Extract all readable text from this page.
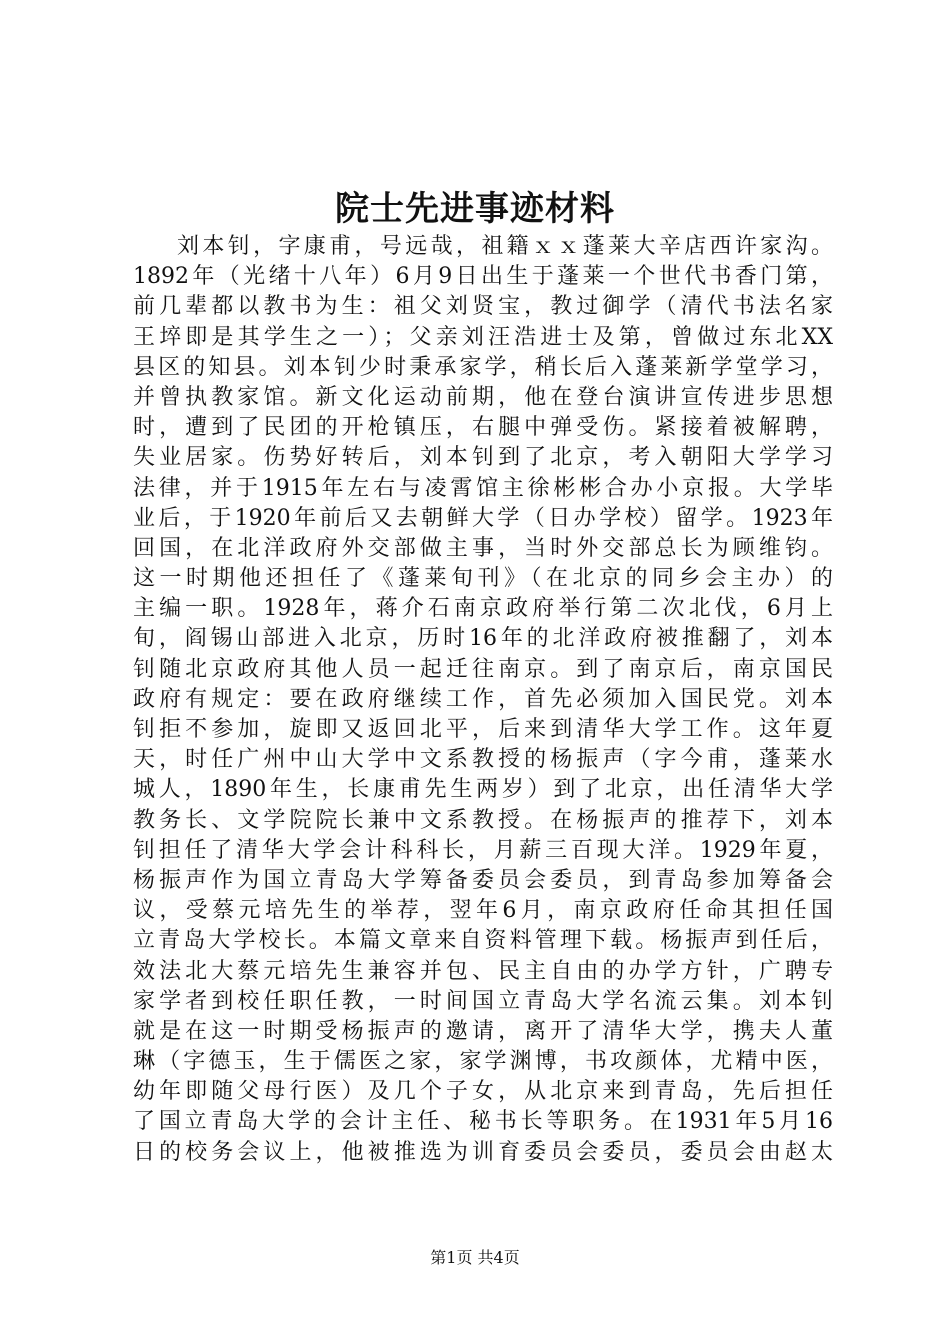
院士先进事迹材料
刘本钊，字康甫，号远哉，祖籍ｘｘ蓬莱大辛店西许家沟。
1892年（光绪十八年）6月9日出生于蓬莱一个世代书香门第，
前几辈都以教书为生：祖父刘贤宝，教过御学（清代书法名家
王埣即是其学生之一）；父亲刘汪浩进士及第，曾做过东北XX
县区的知县。刘本钊少时秉承家学，稍长后入蓬莱新学堂学习，
并曾执教家馆。新文化运动前期，他在登台演讲宣传进步思想
时，遭到了民团的开枪镇压，右腿中弹受伤。紧接着被解聘，
失业居家。伤势好转后，刘本钊到了北京，考入朝阳大学学习
法律，并于1915年左右与凌霄馆主徐彬彬合办小京报。大学毕
业后，于1920年前后又去朝鲜大学（日办学校）留学。1923年
回国，在北洋政府外交部做主事，当时外交部总长为顾维钧。
这一时期他还担任了《蓬莱旬刊》（在北京的同乡会主办）的
主编一职。1928年，蒋介石南京政府举行第二次北伐，6月上
旬，阎锡山部进入北京，历时16年的北洋政府被推翻了，刘本
钊随北京政府其他人员一起迁往南京。到了南京后，南京国民
政府有规定：要在政府继续工作，首先必须加入国民党。刘本
钊拒不参加，旋即又返回北平，后来到清华大学工作。这年夏
天，时任广州中山大学中文系教授的杨振声（字今甫，蓬莱水
城人，1890年生，长康甫先生两岁）到了北京，出任清华大学
教务长、文学院院长兼中文系教授。在杨振声的推荐下，刘本
钊担任了清华大学会计科科长，月薪三百现大洋。1929年夏，
杨振声作为国立青岛大学筹备委员会委员，到青岛参加筹备会
议，受蔡元培先生的举荐，翌年6月，南京政府任命其担任国
立青岛大学校长。本篇文章来自资料管理下载。杨振声到任后，
效法北大蔡元培先生兼容并包、民主自由的办学方针，广聘专
家学者到校任职任教，一时间国立青岛大学名流云集。刘本钊
就是在这一时期受杨振声的邀请，离开了清华大学，携夫人董
琳（字德玉，生于儒医之家，家学渊博，书攻颜体，尤精中医，
幼年即随父母行医）及几个子女，从北京来到青岛，先后担任
了国立青岛大学的会计主任、秘书长等职务。在1931年5月16
日的校务会议上，他被推选为训育委员会委员，委员会由赵太
第1页 共4页
